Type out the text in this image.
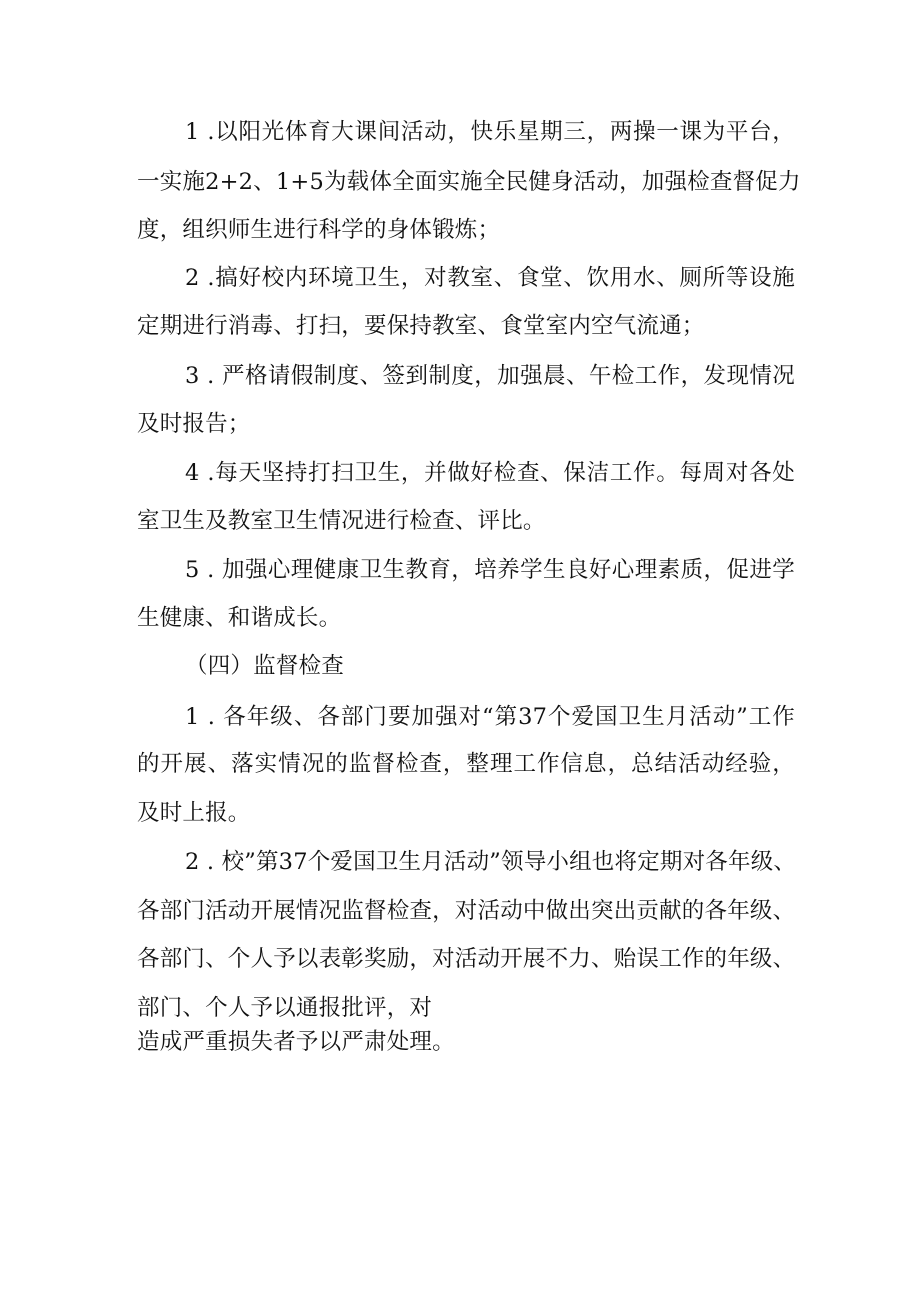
1 .以阳光体育大课间活动，快乐星期三，两操一课为平台，
一实施2+2、1+5为载体全面实施全民健身活动，加强检查督促力
度，组织师生进行科学的身体锻炼；
2 .搞好校内环境卫生，对教室、食堂、饮用水、厕所等设施
定期进行消毒、打扫，要保持教室、食堂室内空气流通；
3 . 严格请假制度、签到制度，加强晨、午检工作，发现情况
及时报告；
4 .每天坚持打扫卫生，并做好检查、保洁工作。每周对各处
室卫生及教室卫生情况进行检查、评比。
5 . 加强心理健康卫生教育，培养学生良好心理素质，促进学
生健康、和谐成长。
（四）监督检查
1 . 各年级、各部门要加强对“第37个爱国卫生月活动”工作
的开展、落实情况的监督检查，整理工作信息，总结活动经验，
及时上报。
2 . 校”第37个爱国卫生月活动”领导小组也将定期对各年级、
各部门活动开展情况监督检查，对活动中做出突出贡献的各年级、
各部门、个人予以表彰奖励，对活动开展不力、贻误工作的年级、
部门、个人予以通报批评，对
造成严重损失者予以严肃处理。
